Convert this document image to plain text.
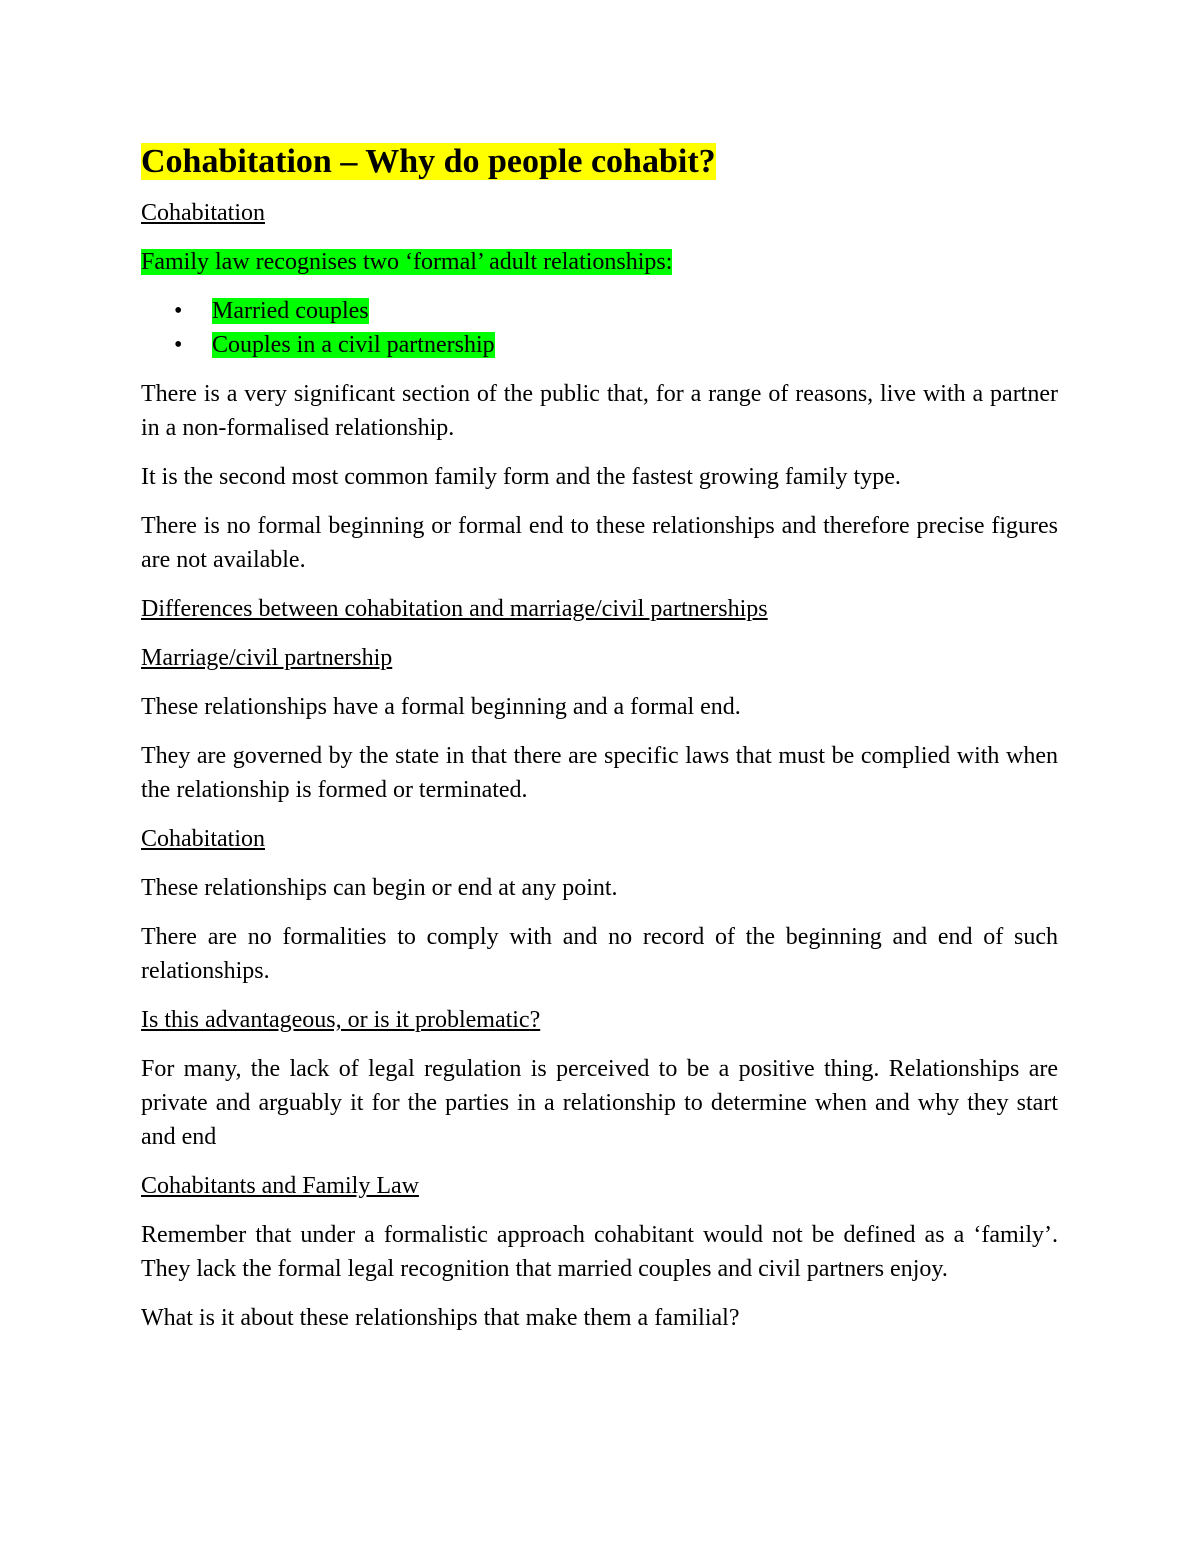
Cohabitation – Why do people cohabit?

Cohabitation

Family law recognises two ‘formal’ adult relationships:

• Married couples
• Couples in a civil partnership

There is a very significant section of the public that, for a range of reasons, live with a partner in a non-formalised relationship.

It is the second most common family form and the fastest growing family type.

There is no formal beginning or formal end to these relationships and therefore precise figures are not available.

Differences between cohabitation and marriage/civil partnerships

Marriage/civil partnership

These relationships have a formal beginning and a formal end.

They are governed by the state in that there are specific laws that must be complied with when the relationship is formed or terminated.

Cohabitation

These relationships can begin or end at any point.

There are no formalities to comply with and no record of the beginning and end of such relationships.

Is this advantageous, or is it problematic?

For many, the lack of legal regulation is perceived to be a positive thing. Relationships are private and arguably it for the parties in a relationship to determine when and why they start and end

Cohabitants and Family Law

Remember that under a formalistic approach cohabitant would not be defined as a ‘family’. They lack the formal legal recognition that married couples and civil partners enjoy.

What is it about these relationships that make them a familial?
